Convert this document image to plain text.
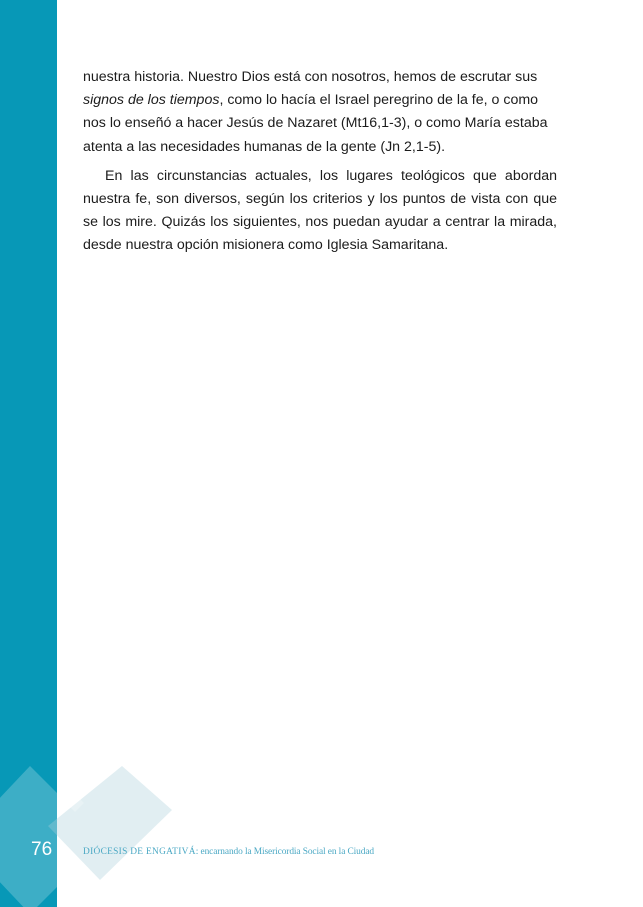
nuestra historia. Nuestro Dios está con nosotros, hemos de escrutar sus signos de los tiempos, como lo hacía el Israel peregrino de la fe, o como nos lo enseñó a hacer Jesús de Nazaret (Mt16,1-3), o como María estaba atenta a las necesidades humanas de la gente (Jn 2,1-5).

En las circunstancias actuales, los lugares teológicos que abordan nuestra fe, son diversos, según los criterios y los puntos de vista con que se los mire. Quizás los siguientes, nos puedan ayudar a centrar la mirada, desde nuestra opción misionera como Iglesia Samaritana.

76	DIÓCESIS DE ENGATIVÁ: encarnando la Misericordia Social en la Ciudad
